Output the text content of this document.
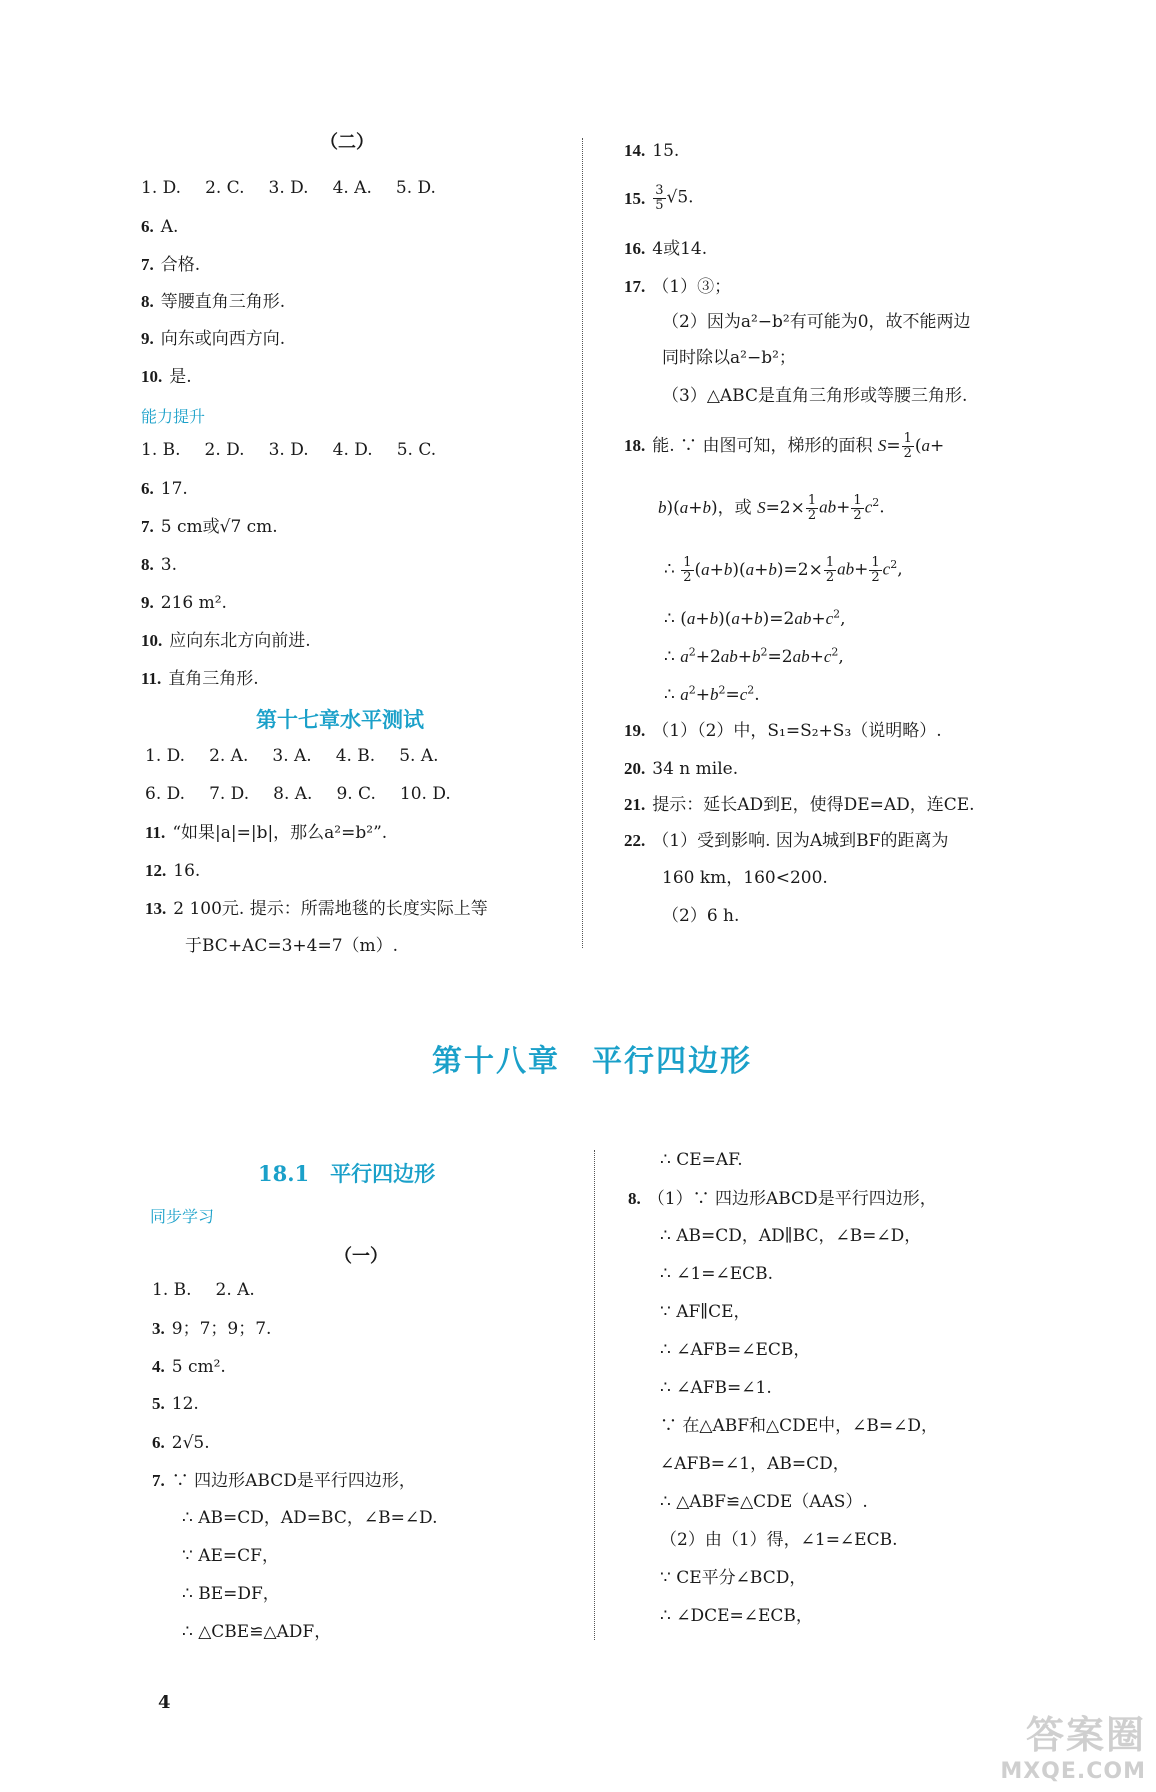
（二）
1. D. 2. C. 3. D. 4. A. 5. D.
6. A.
7. 合格.
8. 等腰直角三角形.
9. 向东或向西方向.
10. 是.
能力提升
1. B. 2. D. 3. D. 4. D. 5. C.
6. 17.
7. 5 cm或√7 cm.
8. 3.
9. 216 m².
10. 应向东北方向前进.
11. 直角三角形.
第十七章水平测试
1. D. 2. A. 3. A. 4. B. 5. A.
6. D. 7. D. 8. A. 9. C. 10. D.
11. “如果|a|=|b|，那么a²=b²”.
12. 16.
13. 2 100元. 提示：所需地毯的长度实际上等
于BC+AC=3+4=7（m）.
14. 15.
15. $\frac{3}{5} √5$.
16. 4或14.
17. （1）③；
（2）因为a²−b²有可能为0，故不能两边
同时除以a²−b²；
（3）△ABC是直角三角形或等腰三角形.
18. 能. ∵ 由图可知，梯形的面积 $S= \frac{1}{2} (a+$
b)(a+b)，或 $S=2\times \frac{1}{2} ab+ \frac{1}{2} c^2$.
∴ $\frac{1}{2} (a+b)(a+b)=2\times \frac{1}{2} ab+ \frac{1}{2} c^2$,
∴ $(a+b)(a+b)=2ab+c^2$,
∴ $a^2+2ab+b^2=2ab+c^2$,
∴ $a^2+b^2=c^2$.
19. （1）（2）中，S₁=S₂+S₃（说明略）.
20. 34 n mile.
21. 提示：延长AD到E，使得DE=AD，连CE.
22. （1）受到影响. 因为A城到BF的距离为
160 km，160<200.
（2）6 h.
第十八章　平行四边形
18.1　平行四边形
同步学习
（一）
1. B. 2. A.
3. 9；7；9；7.
4. 5 cm².
5. 12.
6. 2√5.
7. ∵ 四边形ABCD是平行四边形，
∴ AB=CD，AD=BC，∠B=∠D.
∵ AE=CF，
∴ BE=DF，
∴ △CBE≌△ADF，
∴ CE=AF.
8. （1）∵ 四边形ABCD是平行四边形，
∴ AB=CD，AD∥BC，∠B=∠D，
∴ ∠1=∠ECB.
∵ AF∥CE，
∴ ∠AFB=∠ECB，
∴ ∠AFB=∠1.
∵ 在△ABF和△CDE中，∠B=∠D，
∠AFB=∠1，AB=CD，
∴ △ABF≌△CDE（AAS）.
（2）由（1）得，∠1=∠ECB.
∵ CE平分∠BCD，
∴ ∠DCE=∠ECB，
4
答案圈
MXQE.COM
